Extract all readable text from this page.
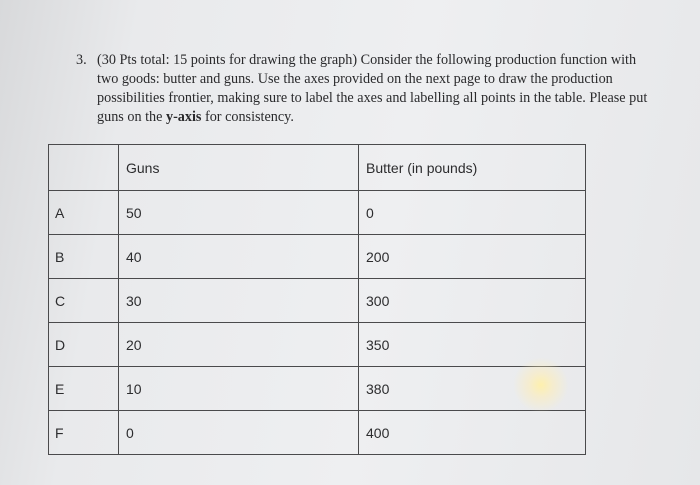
3. (30 Pts total: 15 points for drawing the graph) Consider the following production function with two goods: butter and guns. Use the axes provided on the next page to draw the production possibilities frontier, making sure to label the axes and labelling all points in the table. Please put guns on the y-axis for consistency.
	Guns	Butter (in pounds)
A	50	0
B	40	200
C	30	300
D	20	350
E	10	380
F	0	400
